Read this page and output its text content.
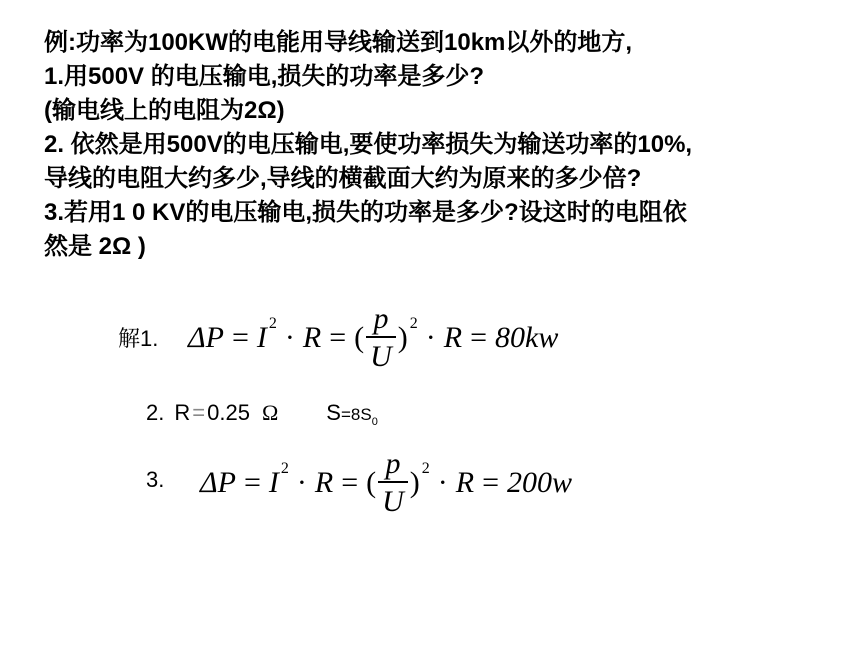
例:功率为100KW的电能用导线输送到10km以外的地方,
1.用500V 的电压输电,损失的功率是多少?
(输电线上的电阻为2Ω)
2. 依然是用500V的电压输电,要使功率损失为输送功率的10%,
导线的电阻大约多少,导线的横截面大约为原来的多少倍?
3.若用1 0 KV的电压输电,损失的功率是多少?设这时的电阻依
然是 2Ω )
解1. ΔP = I 2 · R = ( $\frac{p}{U}$ ) 2 · R = 80kw
2. R = 0.25 Ω S =8S 0
3. ΔP = I 2 · R = ( $\frac{p}{U}$ ) 2 · R = 200w
